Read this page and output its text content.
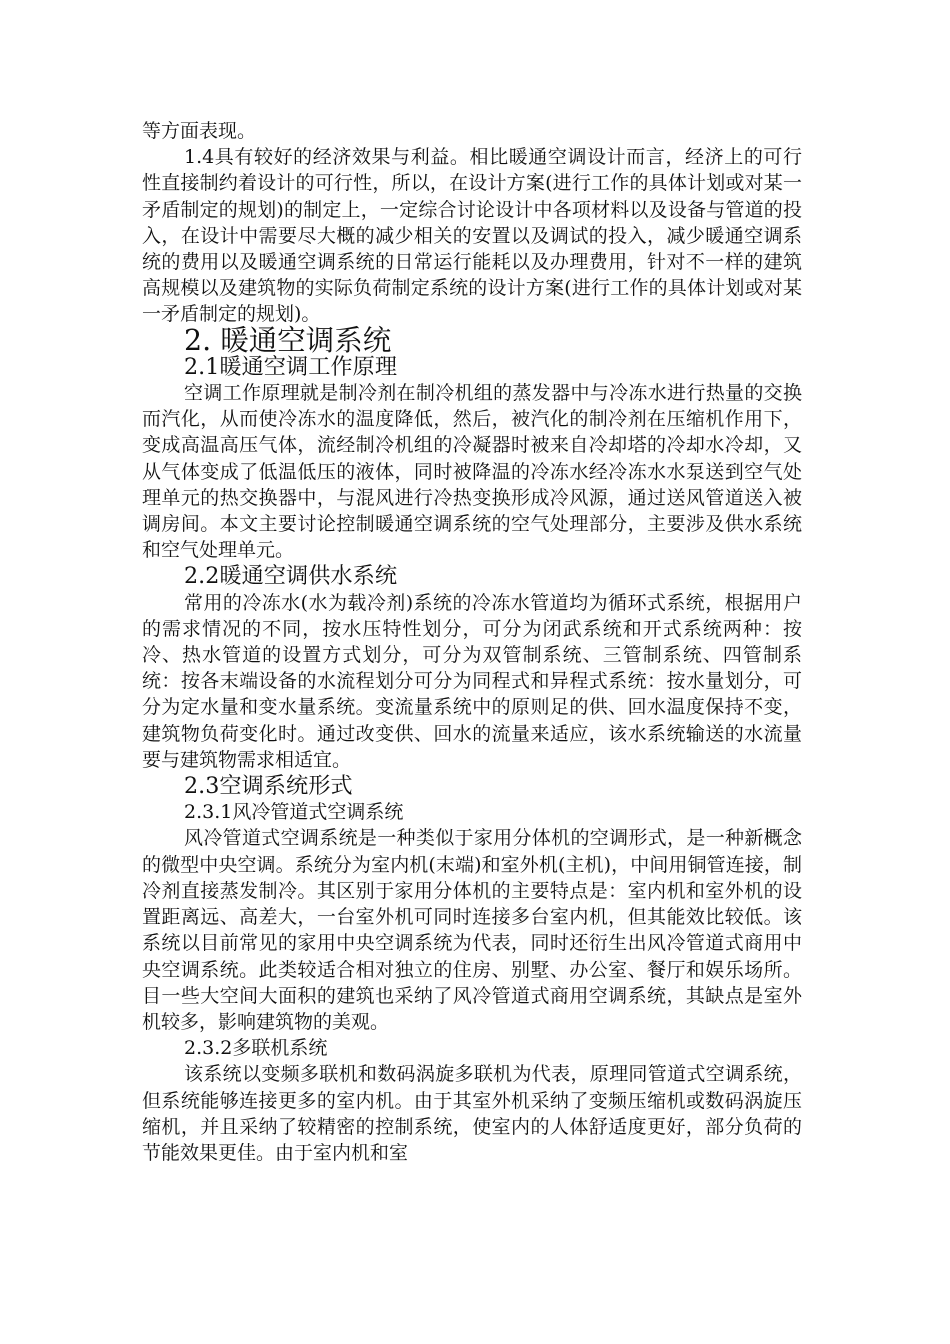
等方面表现。

1.4具有较好的经济效果与利益。相比暖通空调设计而言，经济上的可行性直接制约着设计的可行性，所以，在设计方案(进行工作的具体计划或对某一矛盾制定的规划)的制定上，一定综合讨论设计中各项材料以及设备与管道的投入，在设计中需要尽大概的减少相关的安置以及调试的投入，减少暖通空调系统的费用以及暖通空调系统的日常运行能耗以及办理费用，针对不一样的建筑高规模以及建筑物的实际负荷制定系统的设计方案(进行工作的具体计划或对某一矛盾制定的规划)。

2. 暖通空调系统
2.1暖通空调工作原理

空调工作原理就是制冷剂在制冷机组的蒸发器中与冷冻水进行热量的交换而汽化，从而使冷冻水的温度降低，然后，被汽化的制冷剂在压缩机作用下，变成高温高压气体，流经制冷机组的冷凝器时被来自冷却塔的冷却水冷却，又从气体变成了低温低压的液体，同时被降温的冷冻水经冷冻水水泵送到空气处理单元的热交换器中，与混风进行冷热变换形成冷风源，通过送风管道送入被调房间。本文主要讨论控制暖通空调系统的空气处理部分，主要涉及供水系统和空气处理单元。

2.2暖通空调供水系统

常用的冷冻水(水为载冷剂)系统的冷冻水管道均为循环式系统，根据用户的需求情况的不同，按水压特性划分，可分为闭武系统和开式系统两种：按冷、热水管道的设置方式划分，可分为双管制系统、三管制系统、四管制系统：按各末端设备的水流程划分可分为同程式和异程式系统：按水量划分，可分为定水量和变水量系统。变流量系统中的原则足的供、回水温度保持不变，建筑物负荷变化时。通过改变供、回水的流量来适应，该水系统输送的水流量要与建筑物需求相适宜。

2.3空调系统形式
2.3.1风冷管道式空调系统

风冷管道式空调系统是一种类似于家用分体机的空调形式，是一种新概念的微型中央空调。系统分为室内机(末端)和室外机(主机)，中间用铜管连接，制冷剂直接蒸发制冷。其区别于家用分体机的主要特点是：室内机和室外机的设置距离远、高差大，一台室外机可同时连接多台室内机，但其能效比较低。该系统以目前常见的家用中央空调系统为代表，同时还衍生出风冷管道式商用中央空调系统。此类较适合相对独立的住房、别墅、办公室、餐厅和娱乐场所。目一些大空间大面积的建筑也采纳了风冷管道式商用空调系统，其缺点是室外机较多，影响建筑物的美观。

2.3.2多联机系统

该系统以变频多联机和数码涡旋多联机为代表，原理同管道式空调系统，但系统能够连接更多的室内机。由于其室外机采纳了变频压缩机或数码涡旋压缩机，并且采纳了较精密的控制系统，使室内的人体舒适度更好，部分负荷的节能效果更佳。由于室内机和室
